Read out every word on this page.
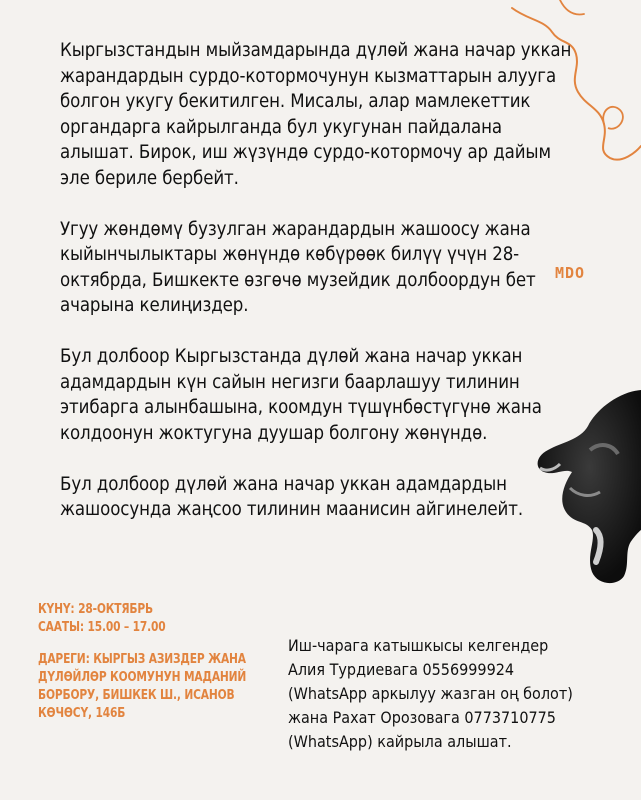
Кыргызстандын мыйзамдарында дүлөй жана начар уккан жарандардын сурдо-котормочунун кызматтарын алууга болгон укугу бекитилген. Мисалы, алар мамлекеттик органдарга кайрылганда бул укугунан пайдалана алышат. Бирок, иш жүзүндө сурдо-котормочу ар дайым эле бериле бербейт.

Угуу жөндөмү бузулган жарандардын жашоосу жана кыйынчылыктары жөнүндө көбүрөөк билүү үчүн 28-октябрда, Бишкекте өзгөчө музейдик долбоордун бет ачарына келиңиздер.

Бул долбоор Кыргызстанда дүлөй жана начар уккан адамдардын күн сайын негизги баарлашуу тилинин этибарга алынбашына, коомдун түшүнбөстүгүнө жана колдоонун жоктугуна дуушар болгону жөнүндө.

Бул долбоор дүлөй жана начар уккан адамдардын жашоосунда жаңсоо тилинин маанисин айгинелейт.

MDO
КҮНҮ: 28-ОКТЯБРЬ
СААТЫ: 15.00 – 17.00
ДАРЕГИ: КЫРГЫЗ АЗИЗДЕР ЖАНА ДҮЛӨЙЛӨР КООМУНУН МАДАНИЙ БОРБОРУ, БИШКЕК Ш., ИСАНОВ КӨЧӨСҮ, 146Б
Иш-чарага катышкысы келгендер Алия Турдиевага 0556999924 (WhatsApp аркылуу жазган оң болот) жана Рахат Орозовага 0773710775 (WhatsApp) кайрыла алышат.
